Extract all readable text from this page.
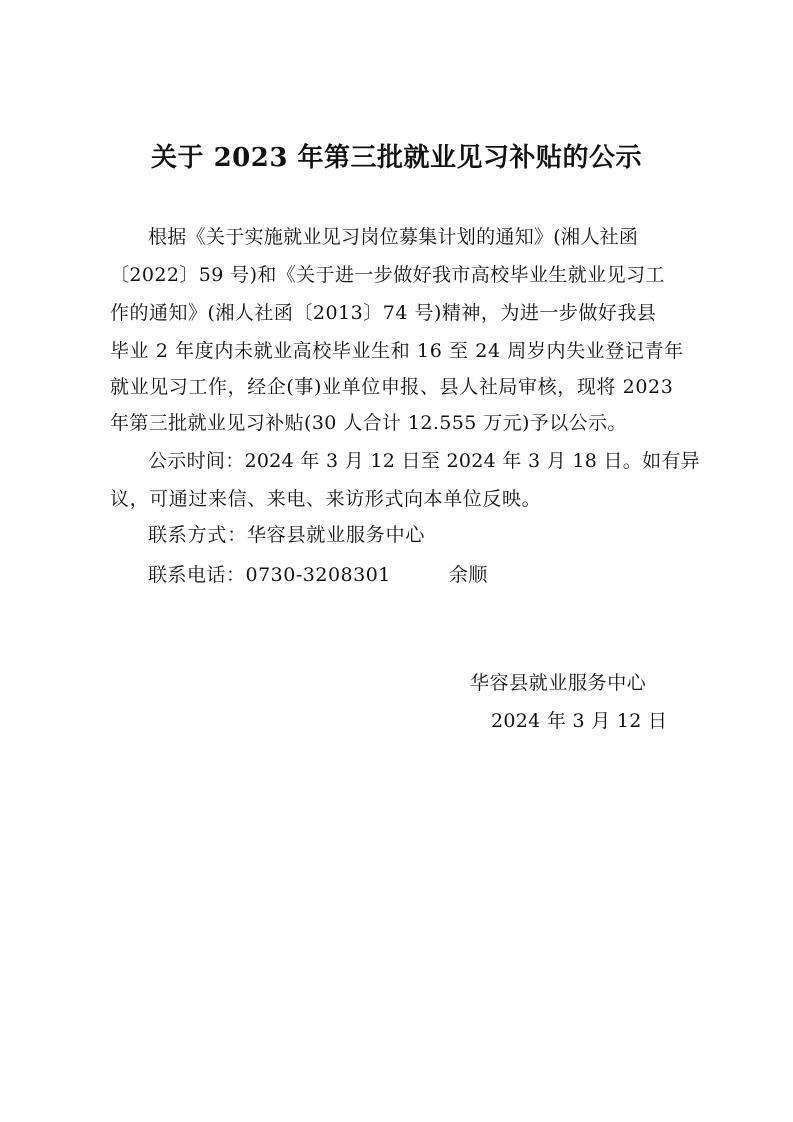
关于 2023 年第三批就业见习补贴的公示
根据《关于实施就业见习岗位募集计划的通知》(湘人社函
〔2022〕59 号)和《关于进一步做好我市高校毕业生就业见习工
作的通知》(湘人社函〔2013〕74 号)精神，为进一步做好我县
毕业 2 年度内未就业高校毕业生和 16 至 24 周岁内失业登记青年
就业见习工作，经企(事)业单位申报、县人社局审核，现将 2023
年第三批就业见习补贴(30 人合计 12.555 万元)予以公示。
公示时间：2024 年 3 月 12 日至 2024 年 3 月 18 日。如有异
议，可通过来信、来电、来访形式向本单位反映。
联系方式：华容县就业服务中心
联系电话：0730-3208301	余顺
华容县就业服务中心
2024 年 3 月 12 日
